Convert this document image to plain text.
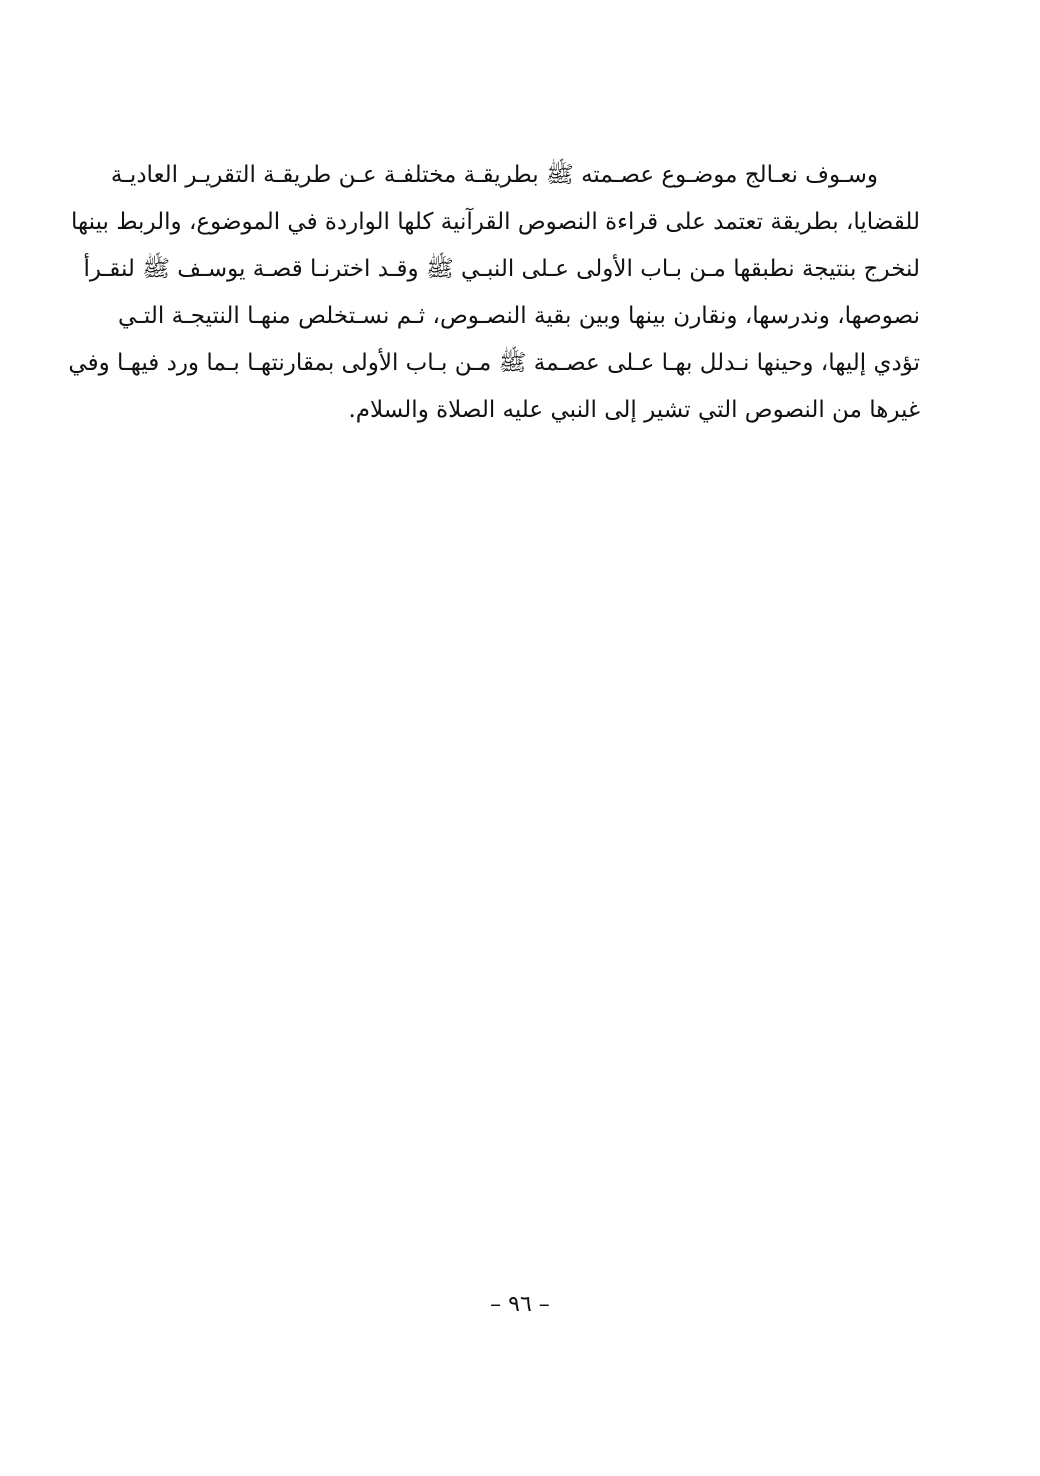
وسـوف نعـالج موضـوع عصـمته ﷺ بطريقـة مختلفـة عـن طريقـة التقريـر العاديـة
للقضايا، بطريقة تعتمد على قراءة النصوص القرآنية كلها الواردة في الموضوع، والربط بينها
لنخرج بنتيجة نطبقها مـن بـاب الأولى عـلى النبـي ﷺ وقـد اخترنـا قصـة يوسـف ﷺ لنقـرأ
نصوصها، وندرسها، ونقارن بينها وبين بقية النصـوص، ثـم نسـتخلص منهـا النتيجـة التـي
تؤدي إليها، وحينها نـدلل بهـا عـلى عصـمة ﷺ مـن بـاب الأولى بمقارنتهـا بـما ورد فيهـا وفي
غيرها من النصوص التي تشير إلى النبي عليه الصلاة والسلام.
– ٩٦ –
